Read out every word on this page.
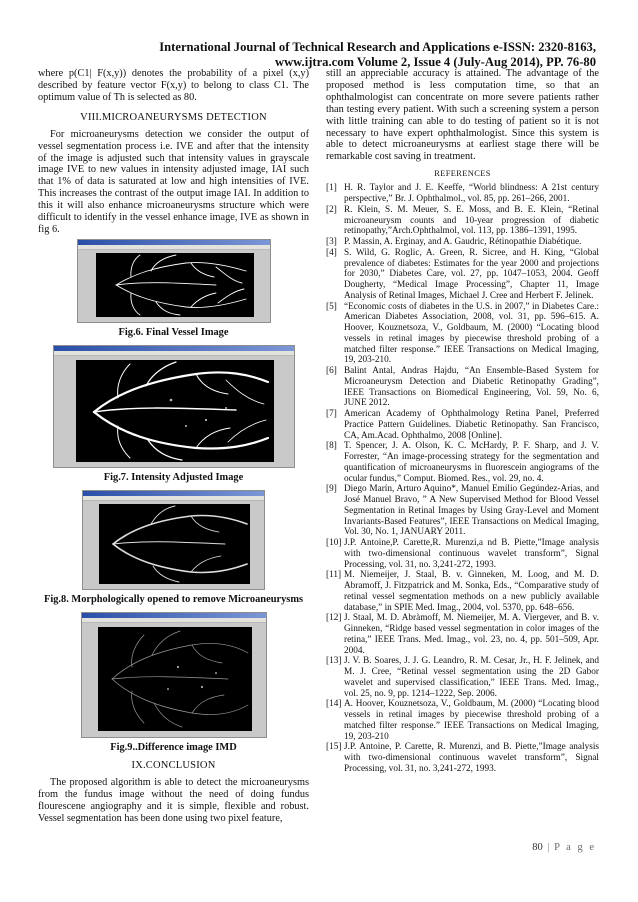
International Journal of Technical Research and Applications e-ISSN: 2320-8163,
www.ijtra.com Volume 2, Issue 4 (July-Aug 2014), PP. 76-80

where p(C1| F(x,y)) denotes the probability of a pixel (x,y) described by feature vector F(x,y) to belong to class C1. The optimum value of Th is selected as 80.

VIII.MICROANEURYSMS DETECTION

For microaneurysms detection we consider the output of vessel segmentation process i.e. IVE and after that the intensity of the image is adjusted such that intensity values in grayscale image IVE to new values in intensity adjusted image, IAI such that 1% of data is saturated at low and high intensities of IVE. This increases the contrast of the output image IAI. In addition to this it will also enhance microaneurysms structure which were difficult to identify in the vessel enhance image, IVE as shown in fig 6.

Fig.6. Final Vessel Image
Fig.7. Intensity Adjusted Image
Fig.8. Morphologically opened to remove Microaneurysms
Fig.9..Difference image IMD
IX.CONCLUSION

The proposed algorithm is able to detect the microaneurysms from the fundus image without the need of doing fundus flourescene angiography and it is simple, flexible and robust. Vessel segmentation has been done using two pixel feature,

still an appreciable accuracy is attained. The advantage of the proposed method is less computation time, so that an ophthalmologist can concentrate on more severe patients rather than testing every patient. With such a screening system a person with little training can able to do testing of patient so it is not necessary to have expert ophthalmologist. Since this system is able to detect microaneurysms at earliest stage there will be remarkable cost saving in treatment.

REFERENCES
[1] H. R. Taylor and J. E. Keeffe, “World blindness: A 21st century perspective,” Br. J. Ophthalmol., vol. 85, pp. 261–266, 2001.
[2] R. Klein, S. M. Meuer, S. E. Moss, and B. E. Klein, “Retinal microaneurysm counts and 10-year progression of diabetic retinopathy,”Arch.Ophthalmol, vol. 113, pp. 1386–1391, 1995.
[3] P. Massin, A. Erginay, and A. Gaudric, Rétinopathie Diabétique.
[4] S. Wild, G. Roglic, A. Green, R. Sicree, and H. King, “Global prevalence of diabetes: Estimates for the year 2000 and projections for 2030,” Diabetes Care, vol. 27, pp. 1047–1053, 2004. Geoff Dougherty, “Medical Image Processing”, Chapter 11, Image Analysis of Retinal Images, Michael J. Cree and Herbert F. Jelinek.
[5] “Economic costs of diabetes in the U.S. in 2007,” in Diabetes Care.: American Diabetes Association, 2008, vol. 31, pp. 596–615. A. Hoover, Kouznetsoza, V., Goldbaum, M. (2000) “Locating blood vessels in retinal images by piecewise threshold probing of a matched filter response.” IEEE Transactions on Medical Imaging, 19, 203-210.
[6] Balint Antal, Andras Hajdu, “An Ensemble-Based System for Microaneurysm Detection and Diabetic Retinopathy Grading”, IEEE Transactions on Biomedical Engineering, Vol. 59, No. 6, JUNE 2012.
[7] American Academy of Ophthalmology Retina Panel, Preferred Practice Pattern Guidelines. Diabetic Retinopathy. San Francisco, CA, Am.Acad. Ophthalmo, 2008 [Online].
[8] T. Spencer, J. A. Olson, K. C. McHardy, P. F. Sharp, and J. V. Forrester, “An image-processing strategy for the segmentation and quantification of microaneurysms in fluorescein angiograms of the ocular fundus,” Comput. Biomed. Res., vol. 29, no. 4.
[9] Diego Marín, Arturo Aquino*, Manuel Emilio Gegúndez-Arias, and José Manuel Bravo, ” A New Supervised Method for Blood Vessel Segmentation in Retinal Images by Using Gray-Level and Moment Invariants-Based Features”, IEEE Transactions on Medical Imaging, Vol. 30, No. 1, JANUARY 2011.
[10] J.P. Antoine,P. Carette,R. Murenzi,a nd B. Piette,”Image analysis with two-dimensional continuous wavelet transform”, Signal Processing, vol. 31, no. 3,241-272, 1993.
[11] M. Niemeijer, J. Staal, B. v. Ginneken, M. Loog, and M. D. Abramoff, J. Fitzpatrick and M. Sonka, Eds., “Comparative study of retinal vessel segmentation methods on a new publicly available database,” in SPIE Med. Imag., 2004, vol. 5370, pp. 648–656.
[12] J. Staal, M. D. Abràmoff, M. Niemeijer, M. A. Viergever, and B. v. Ginneken, “Ridge based vessel segmentation in color images of the retina,” IEEE Trans. Med. Imag., vol. 23, no. 4, pp. 501–509, Apr. 2004.
[13] J. V. B. Soares, J. J. G. Leandro, R. M. Cesar, Jr., H. F. Jelinek, and M. J. Cree, “Retinal vessel segmentation using the 2D Gabor wavelet and supervised classification,” IEEE Trans. Med. Imag., vol. 25, no. 9, pp. 1214–1222, Sep. 2006.
[14] A. Hoover, Kouznetsoza, V., Goldbaum, M. (2000) “Locating blood vessels in retinal images by piecewise threshold probing of a matched filter response.” IEEE Transactions on Medical Imaging, 19, 203-210
[15] J.P. Antoine, P. Carette, R. Murenzi, and B. Piette,”Image analysis with two-dimensional continuous wavelet transform”, Signal Processing, vol. 31, no. 3,241-272, 1993.
80 | P a g e
